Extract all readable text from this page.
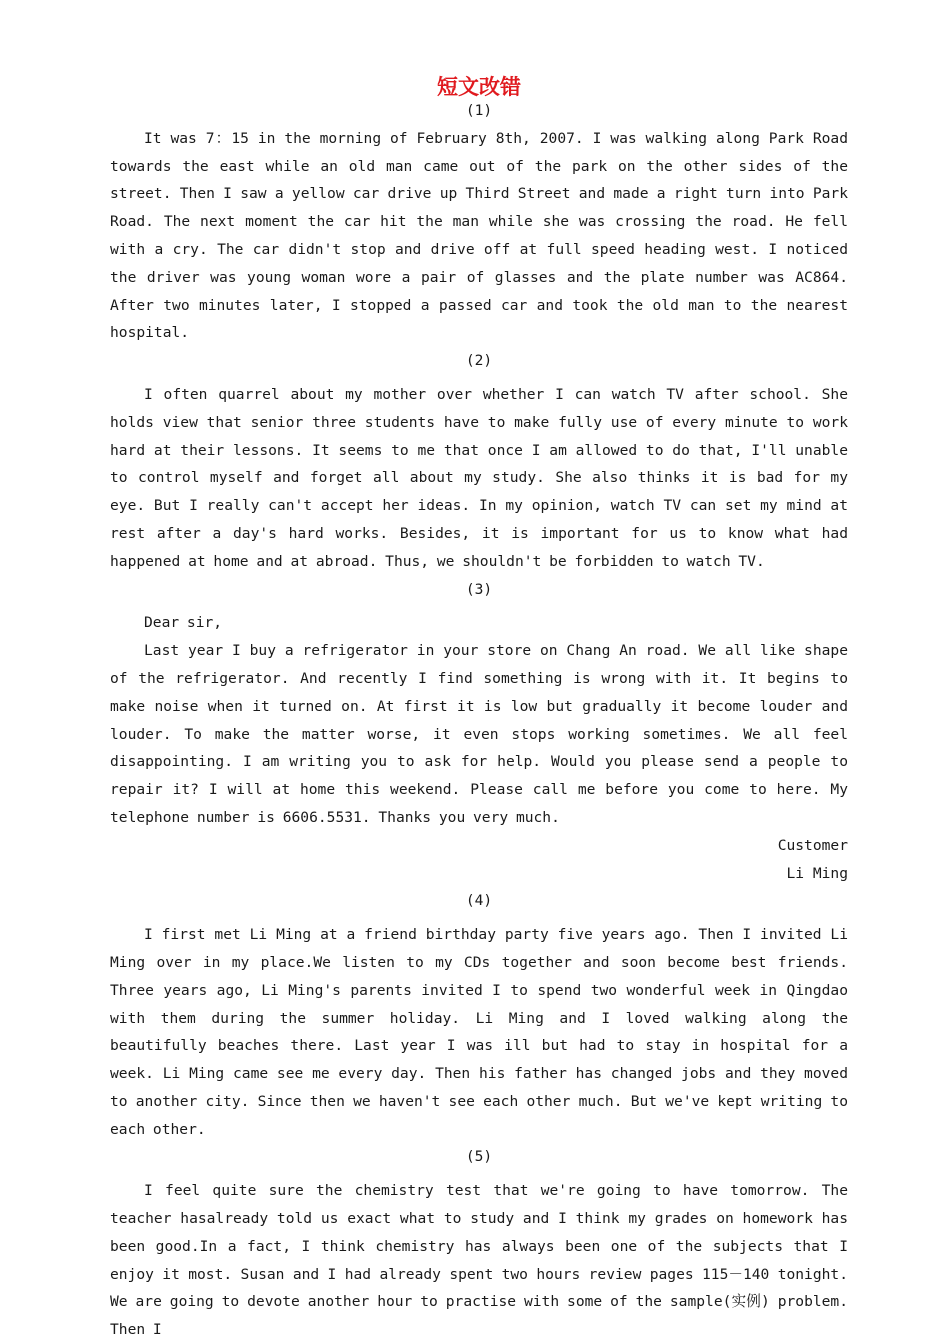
短文改错
(1)

It was 7：15 in the morning of February 8th, 2007. I was walking along Park Road towards the east while an old man came out of the park on the other sides of the street. Then I saw a yellow car drive up Third Street and made a right turn into Park Road. The next moment the car hit the man while she was crossing the road. He fell with a cry. The car didn't stop and drive off at full speed heading west. I noticed the driver was young woman wore a pair of glasses and the plate number was AC864. After two minutes later, I stopped a passed car and took the old man to the nearest hospital.

(2)

I often quarrel about my mother over whether I can watch TV after school. She holds view that senior three students have to make fully use of every minute to work hard at their lessons. It seems to me that once I am allowed to do that, I'll unable to control myself and forget all about my study. She also thinks it is bad for my eye. But I really can't accept her ideas. In my opinion, watch TV can set my mind at rest after a day's hard works. Besides, it is important for us to know what had happened at home and at abroad. Thus, we shouldn't be forbidden to watch TV.

(3)

Dear sir,

Last year I buy a refrigerator in your store on Chang An road. We all like shape of the refrigerator. And recently I find something is wrong with it. It begins to make noise when it turned on. At first it is low but gradually it become louder and louder. To make the matter worse, it even stops working sometimes. We all feel disappointing. I am writing you to ask for help. Would you please send a people to repair it? I will at home this weekend. Please call me before you come to here. My telephone number is 6606.5531. Thanks you very much.

Customer

Li Ming

(4)

I first met Li Ming at a friend birthday party five years ago. Then I invited Li Ming over in my place.We listen to my CDs together and soon become best friends. Three years ago, Li Ming's parents invited I to spend two wonderful week in Qingdao with them during the summer holiday. Li Ming and I loved walking along the beautifully beaches there. Last year I was ill but had to stay in hospital for a week. Li Ming came see me every day. Then his father has changed jobs and they moved to another city. Since then we haven't see each other much. But we've kept writing to each other.

(5)

I feel quite sure the chemistry test that we're going to have tomorrow. The teacher hasalready told us exact what to study and I think my grades on homework has been good.In a fact, I think chemistry has always been one of the subjects that I enjoy it most. Susan and I had already spent two hours review pages 115－140 tonight. We are going to devote another hour to practise with some of the sample(实例) problem. Then I
